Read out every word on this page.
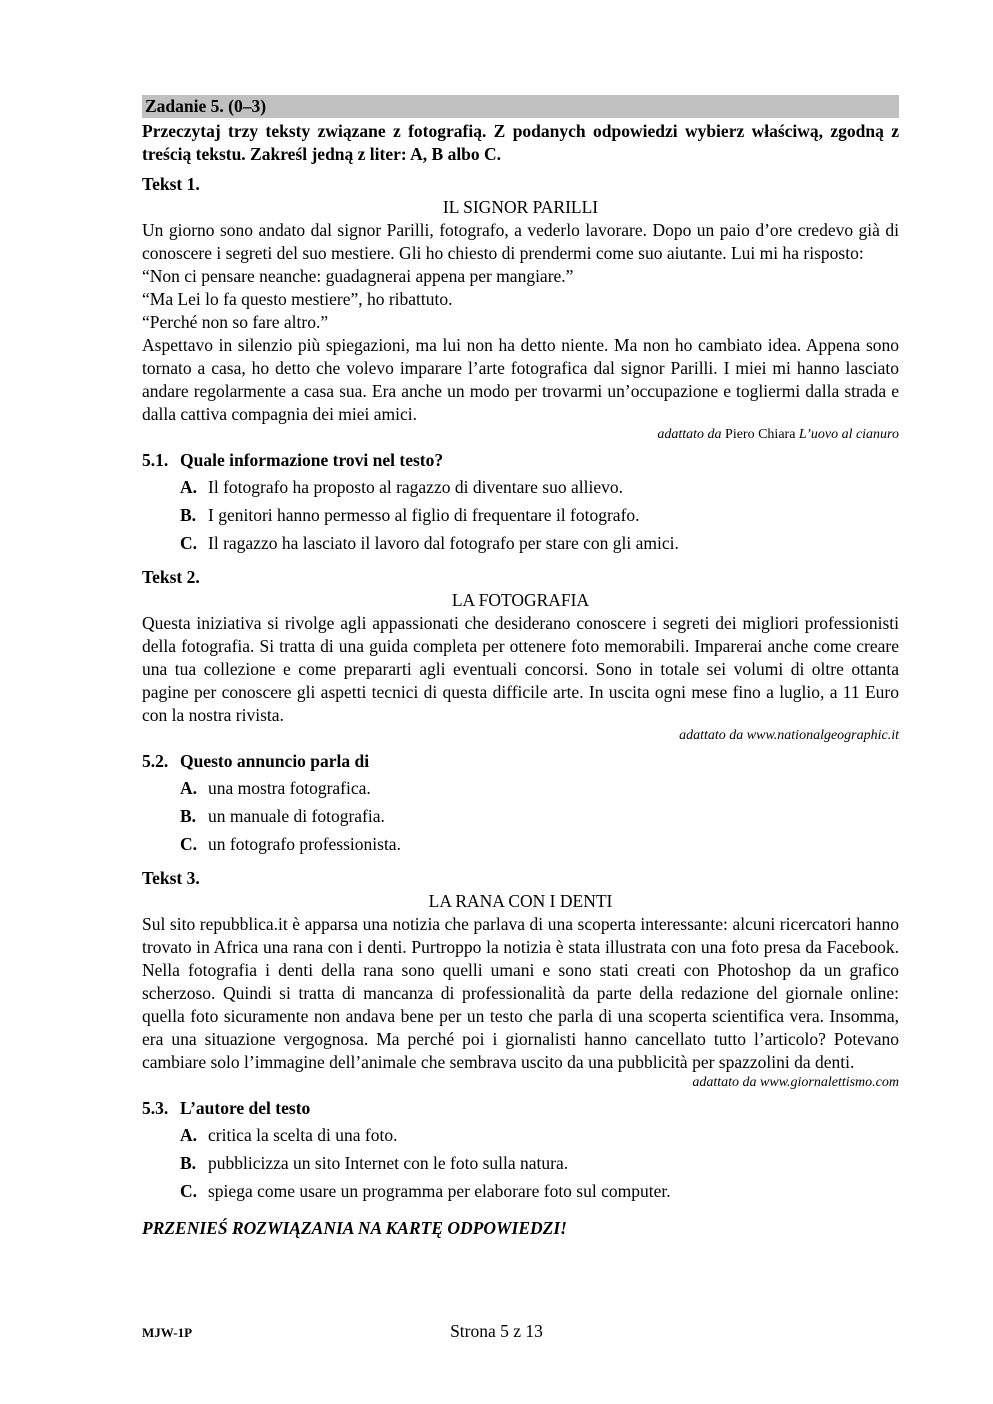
Zadanie 5. (0–3)
Przeczytaj trzy teksty związane z fotografią. Z podanych odpowiedzi wybierz właściwą, zgodną z treścią tekstu. Zakreśl jedną z liter: A, B albo C.
Tekst 1.
IL SIGNOR PARILLI
Un giorno sono andato dal signor Parilli, fotografo, a vederlo lavorare. Dopo un paio d’ore credevo già di conoscere i segreti del suo mestiere. Gli ho chiesto di prendermi come suo aiutante. Lui mi ha risposto:
“Non ci pensare neanche: guadagnerai appena per mangiare.”
“Ma Lei lo fa questo mestiere”, ho ribattuto.
“Perché non so fare altro.”
Aspettavo in silenzio più spiegazioni, ma lui non ha detto niente. Ma non ho cambiato idea. Appena sono tornato a casa, ho detto che volevo imparare l’arte fotografica dal signor Parilli. I miei mi hanno lasciato andare regolarmente a casa sua. Era anche un modo per trovarmi un’occupazione e togliermi dalla strada e dalla cattiva compagnia dei miei amici.
adattato da Piero Chiara L’uovo al cianuro
5.1. Quale informazione trovi nel testo?
A. Il fotografo ha proposto al ragazzo di diventare suo allievo.
B. I genitori hanno permesso al figlio di frequentare il fotografo.
C. Il ragazzo ha lasciato il lavoro dal fotografo per stare con gli amici.
Tekst 2.
LA FOTOGRAFIA
Questa iniziativa si rivolge agli appassionati che desiderano conoscere i segreti dei migliori professionisti della fotografia. Si tratta di una guida completa per ottenere foto memorabili. Imparerai anche come creare una tua collezione e come prepararti agli eventuali concorsi. Sono in totale sei volumi di oltre ottanta pagine per conoscere gli aspetti tecnici di questa difficile arte. In uscita ogni mese fino a luglio, a 11 Euro con la nostra rivista.
adattato da www.nationalgeographic.it
5.2. Questo annuncio parla di
A. una mostra fotografica.
B. un manuale di fotografia.
C. un fotografo professionista.
Tekst 3.
LA RANA CON I DENTI
Sul sito repubblica.it è apparsa una notizia che parlava di una scoperta interessante: alcuni ricercatori hanno trovato in Africa una rana con i denti. Purtroppo la notizia è stata illustrata con una foto presa da Facebook. Nella fotografia i denti della rana sono quelli umani e sono stati creati con Photoshop da un grafico scherzoso. Quindi si tratta di mancanza di professionalità da parte della redazione del giornale online: quella foto sicuramente non andava bene per un testo che parla di una scoperta scientifica vera. Insomma, era una situazione vergognosa. Ma perché poi i giornalisti hanno cancellato tutto l’articolo? Potevano cambiare solo l’immagine dell’animale che sembrava uscito da una pubblicità per spazzolini da denti.
adattato da www.giornalettismo.com
5.3. L’autore del testo
A. critica la scelta di una foto.
B. pubblicizza un sito Internet con le foto sulla natura.
C. spiega come usare un programma per elaborare foto sul computer.
PRZENIEŚ ROZWIĄZANIA NA KARTĘ ODPOWIEDZI!
MJW-1P	Strona 5 z 13
